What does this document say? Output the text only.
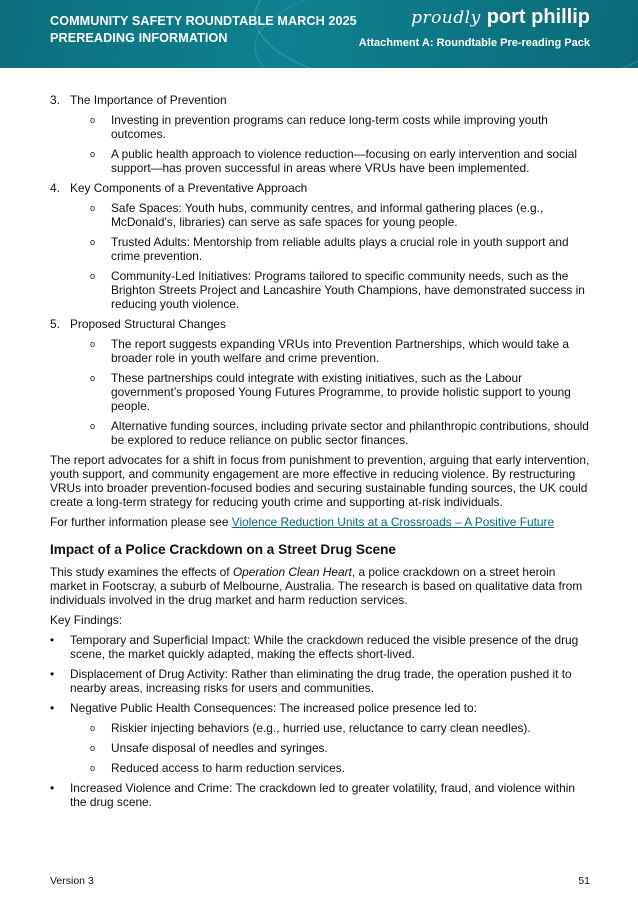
COMMUNITY SAFETY ROUNDTABLE MARCH 2025
PREREADING INFORMATION
proudly port phillip
Attachment A: Roundtable Pre-reading Pack
3. The Importance of Prevention
o Investing in prevention programs can reduce long-term costs while improving youth outcomes.
o A public health approach to violence reduction—focusing on early intervention and social support—has proven successful in areas where VRUs have been implemented.
4. Key Components of a Preventative Approach
o Safe Spaces: Youth hubs, community centres, and informal gathering places (e.g., McDonald's, libraries) can serve as safe spaces for young people.
o Trusted Adults: Mentorship from reliable adults plays a crucial role in youth support and crime prevention.
o Community-Led Initiatives: Programs tailored to specific community needs, such as the Brighton Streets Project and Lancashire Youth Champions, have demonstrated success in reducing youth violence.
5. Proposed Structural Changes
o The report suggests expanding VRUs into Prevention Partnerships, which would take a broader role in youth welfare and crime prevention.
o These partnerships could integrate with existing initiatives, such as the Labour government’s proposed Young Futures Programme, to provide holistic support to young people.
o Alternative funding sources, including private sector and philanthropic contributions, should be explored to reduce reliance on public sector finances.

The report advocates for a shift in focus from punishment to prevention, arguing that early intervention, youth support, and community engagement are more effective in reducing violence. By restructuring VRUs into broader prevention-focused bodies and securing sustainable funding sources, the UK could create a long-term strategy for reducing youth crime and supporting at-risk individuals.

For further information please see Violence Reduction Units at a Crossroads – A Positive Future

Impact of a Police Crackdown on a Street Drug Scene

This study examines the effects of Operation Clean Heart, a police crackdown on a street heroin market in Footscray, a suburb of Melbourne, Australia. The research is based on qualitative data from individuals involved in the drug market and harm reduction services.

Key Findings:

• Temporary and Superficial Impact: While the crackdown reduced the visible presence of the drug scene, the market quickly adapted, making the effects short-lived.
• Displacement of Drug Activity: Rather than eliminating the drug trade, the operation pushed it to nearby areas, increasing risks for users and communities.
• Negative Public Health Consequences: The increased police presence led to:
o Riskier injecting behaviors (e.g., hurried use, reluctance to carry clean needles).
o Unsafe disposal of needles and syringes.
o Reduced access to harm reduction services.
• Increased Violence and Crime: The crackdown led to greater volatility, fraud, and violence within the drug scene.
Version 3	51
